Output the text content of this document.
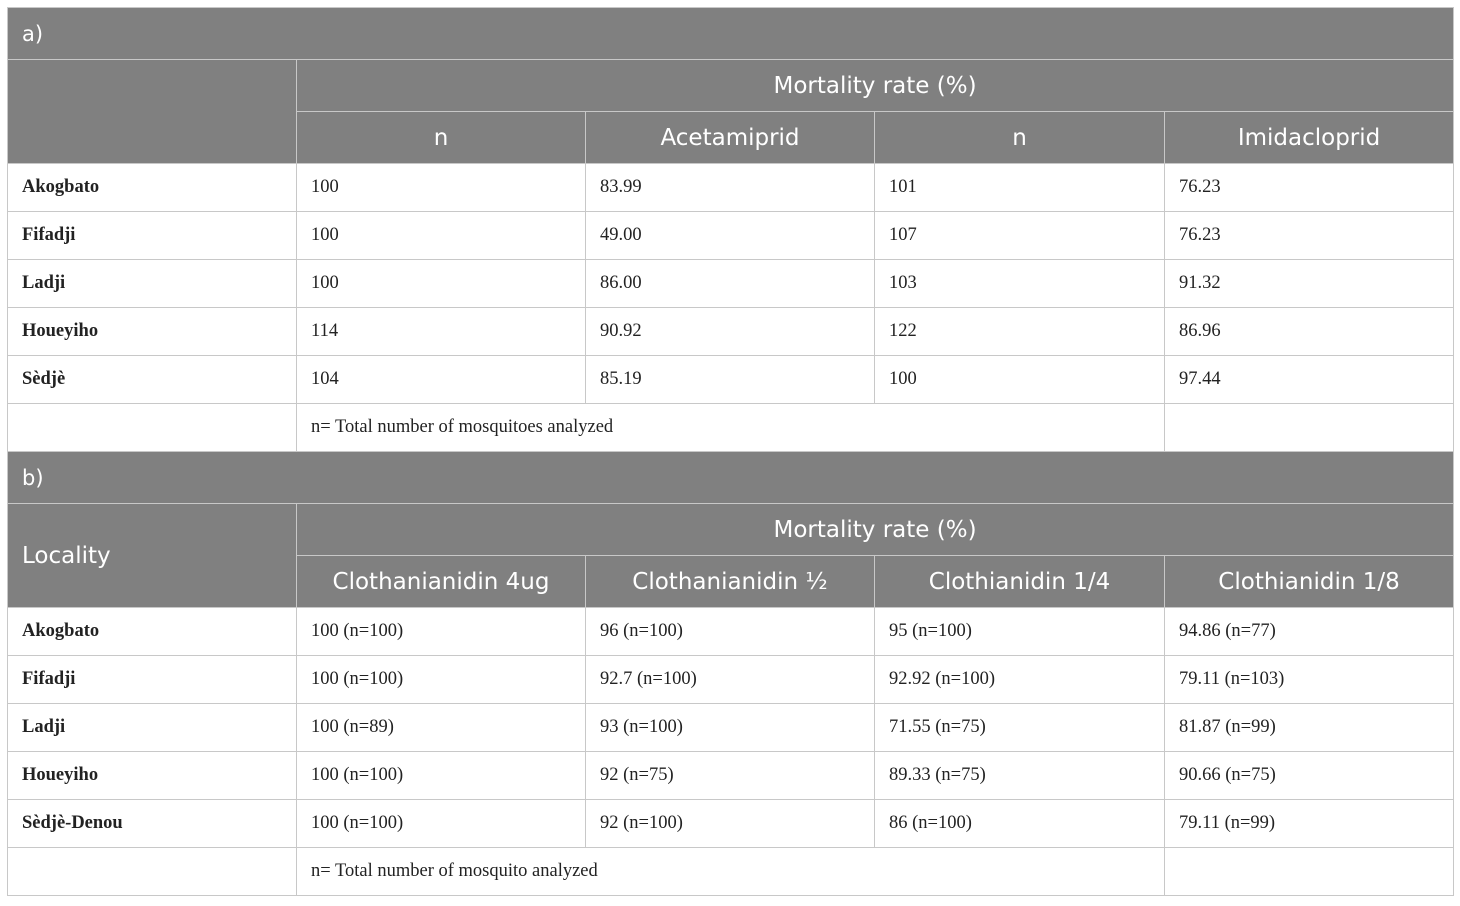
a)				
	Mortality rate (%)			
	n	Acetamiprid	n	Imidacloprid
Akogbato	100	83.99	101	76.23
Fifadji	100	49.00	107	76.23
Ladji	100	86.00	103	91.32
Houeyiho	114	90.92	122	86.96
Sèdjè	104	85.19	100	97.44
	n= Total number of mosquitoes analyzed			
b)				
Locality	Mortality rate (%)			
	Clothanianidin 4ug	Clothanianidin ½	Clothianidin 1/4	Clothianidin 1/8
Akogbato	100 (n=100)	96 (n=100)	95 (n=100)	94.86 (n=77)
Fifadji	100 (n=100)	92.7 (n=100)	92.92 (n=100)	79.11 (n=103)
Ladji	100 (n=89)	93 (n=100)	71.55 (n=75)	81.87 (n=99)
Houeyiho	100 (n=100)	92 (n=75)	89.33 (n=75)	90.66 (n=75)
Sèdjè-Denou	100 (n=100)	92 (n=100)	86 (n=100)	79.11 (n=99)
	n= Total number of mosquito analyzed			
